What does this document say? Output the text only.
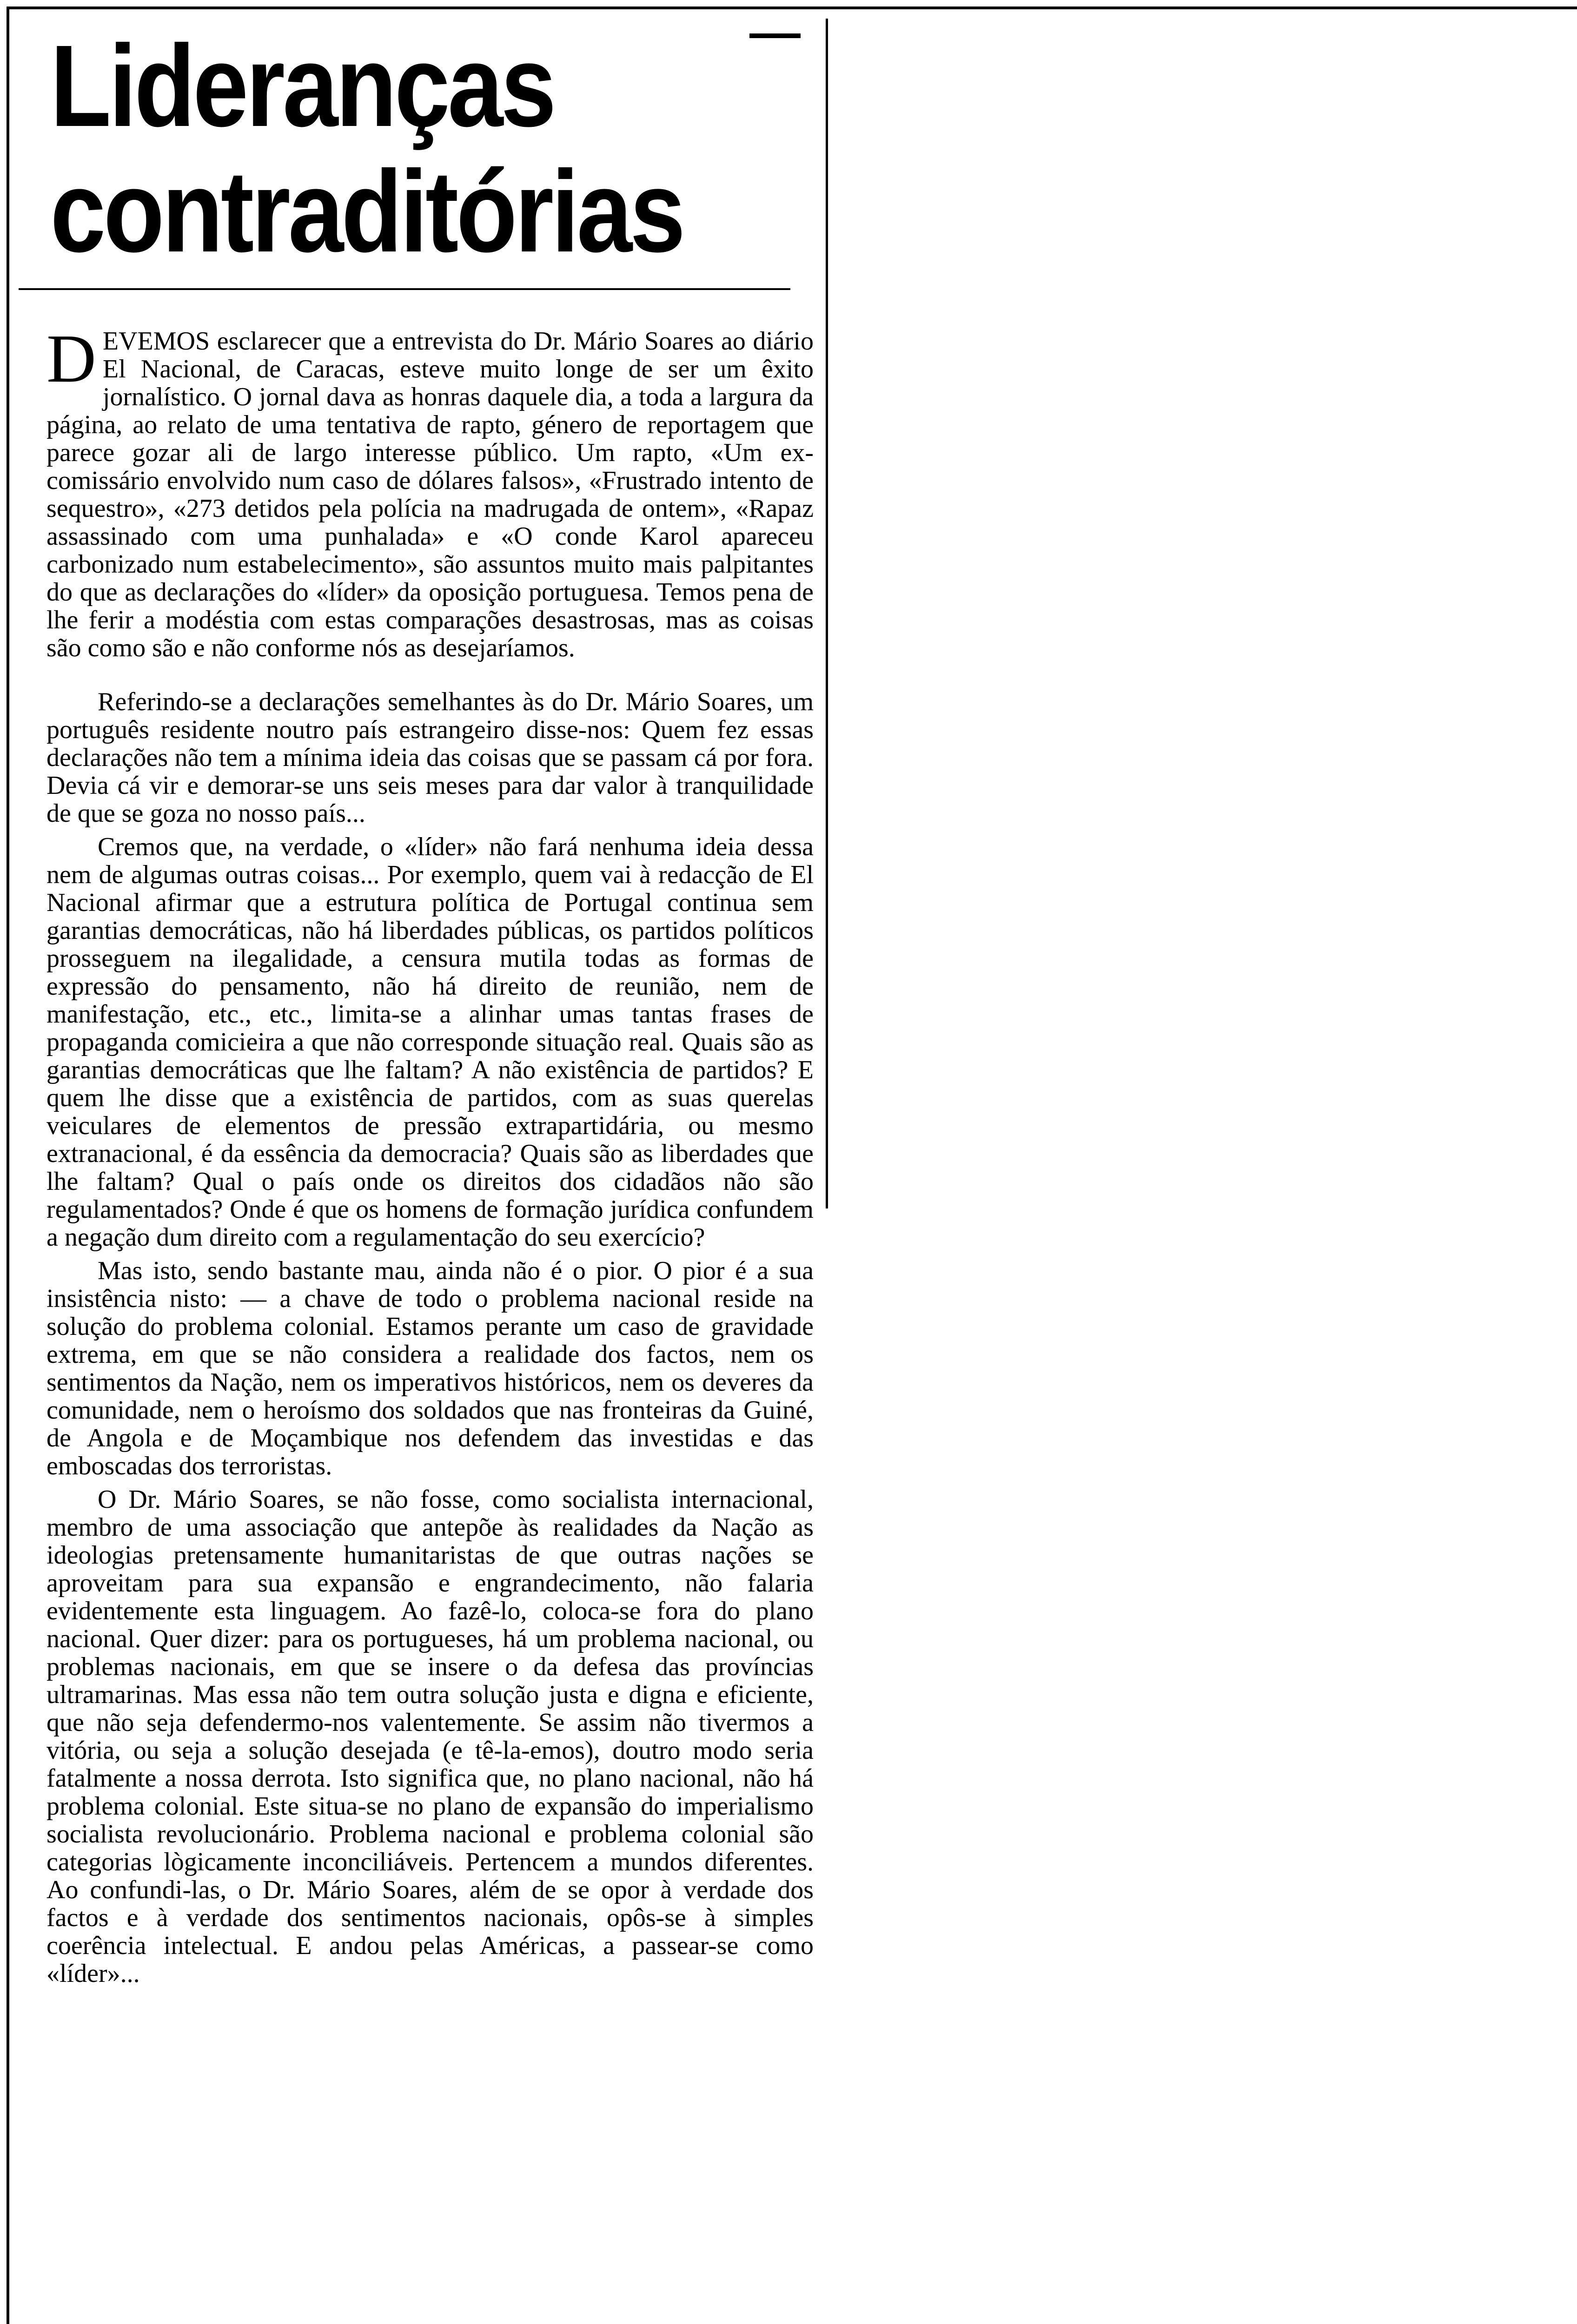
Lideranças
contraditórias

DEVEMOS esclarecer que a entrevista do Dr. Mário Soares ao diário El Nacional, de Caracas, esteve muito longe de ser um êxito jornalístico. O jornal dava as honras daquele dia, a toda a largura da página, ao relato de uma tentativa de rapto, género de reportagem que parece gozar ali de largo interesse público. Um rapto, «Um ex-comissário envolvido num caso de dólares falsos», «Frustrado intento de sequestro», «273 detidos pela polícia na madrugada de ontem», «Rapaz assassinado com uma punhalada» e «O conde Karol apareceu carbonizado num estabelecimento», são assuntos muito mais palpitantes do que as declarações do «líder» da oposição portuguesa. Temos pena de lhe ferir a modéstia com estas comparações desastrosas, mas as coisas são como são e não conforme nós as desejaríamos.

Referindo-se a declarações semelhantes às do Dr. Mário Soares, um português residente noutro país estrangeiro disse-nos: Quem fez essas declarações não tem a mínima ideia das coisas que se passam cá por fora. Devia cá vir e demorar-se uns seis meses para dar valor à tranquilidade de que se goza no nosso país...

Cremos que, na verdade, o «líder» não fará nenhuma ideia dessa nem de algumas outras coisas... Por exemplo, quem vai à redacção de El Nacional afirmar que a estrutura política de Portugal continua sem garantias democráticas, não há liberdades públicas, os partidos políticos prosseguem na ilegalidade, a censura mutila todas as formas de expressão do pensamento, não há direito de reunião, nem de manifestação, etc., etc., limita-se a alinhar umas tantas frases de propaganda comicieira a que não corresponde situação real. Quais são as garantias democráticas que lhe faltam? A não existência de partidos? E quem lhe disse que a existência de partidos, com as suas querelas veiculares de elementos de pressão extrapartidária, ou mesmo extranacional, é da essência da democracia? Quais são as liberdades que lhe faltam? Qual o país onde os direitos dos cidadãos não são regulamentados? Onde é que os homens de formação jurídica confundem a negação dum direito com a regulamentação do seu exercício?

Mas isto, sendo bastante mau, ainda não é o pior. O pior é a sua insistência nisto: — a chave de todo o problema nacional reside na solução do problema colonial. Estamos perante um caso de gravidade extrema, em que se não considera a realidade dos factos, nem os sentimentos da Nação, nem os imperativos históricos, nem os deveres da comunidade, nem o heroísmo dos soldados que nas fronteiras da Guiné, de Angola e de Moçambique nos defendem das investidas e das emboscadas dos terroristas.

O Dr. Mário Soares, se não fosse, como socialista internacional, membro de uma associação que antepõe às realidades da Nação as ideologias pretensamente humanitaristas de que outras nações se aproveitam para sua expansão e engrandecimento, não falaria evidentemente esta linguagem. Ao fazê-lo, coloca-se fora do plano nacional. Quer dizer: para os portugueses, há um problema nacional, ou problemas nacionais, em que se insere o da defesa das províncias ultramarinas. Mas essa não tem outra solução justa e digna e eficiente, que não seja defendermo-nos valentemente. Se assim não tivermos a vitória, ou seja a solução desejada (e tê-la-emos), doutro modo seria fatalmente a nossa derrota. Isto significa que, no plano nacional, não há problema colonial. Este situa-se no plano de expansão do imperialismo socialista revolucionário. Problema nacional e problema colonial são categorias lògicamente inconciliáveis. Pertencem a mundos diferentes. Ao confundi-las, o Dr. Mário Soares, além de se opor à verdade dos factos e à verdade dos sentimentos nacionais, opôs-se à simples coerência intelectual. E andou pelas Américas, a passear-se como «líder»...
